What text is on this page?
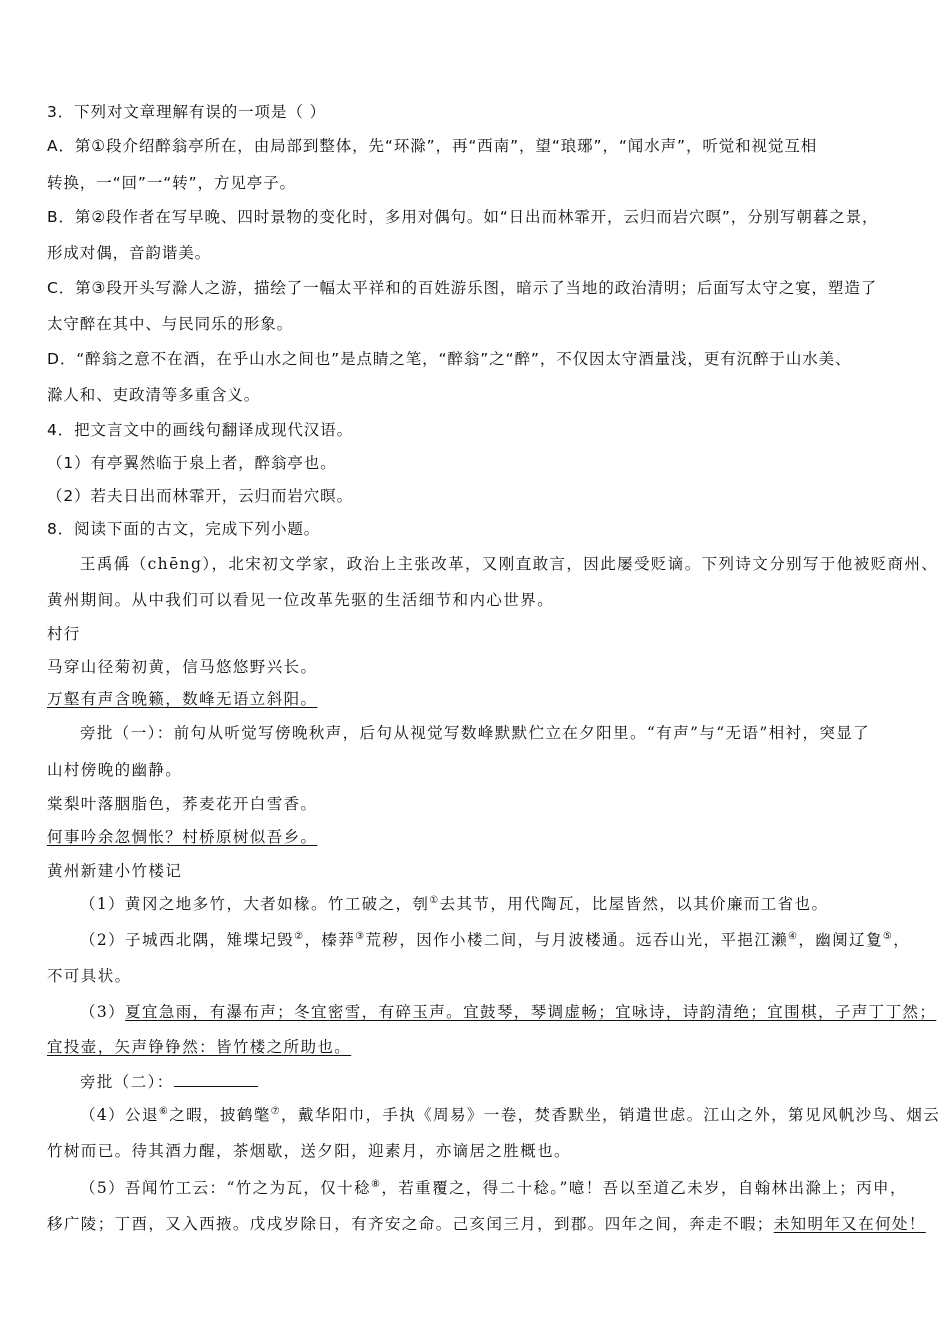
3．下列对文章理解有误的一项是（ ）
A．第①段介绍醉翁亭所在，由局部到整体，先“环滁”，再“西南”，望“琅琊”，“闻水声”，听觉和视觉互相
转换，一“回”一“转”，方见亭子。
B．第②段作者在写早晚、四时景物的变化时，多用对偶句。如“日出而林霏开，云归而岩穴暝”，分别写朝暮之景，
形成对偶，音韵谐美。
C．第③段开头写滁人之游，描绘了一幅太平祥和的百姓游乐图，暗示了当地的政治清明；后面写太守之宴，塑造了
太守醉在其中、与民同乐的形象。
D．“醉翁之意不在酒，在乎山水之间也”是点睛之笔，“醉翁”之“醉”，不仅因太守酒量浅，更有沉醉于山水美、
滁人和、吏政清等多重含义。
4．把文言文中的画线句翻译成现代汉语。
（1）有亭翼然临于泉上者，醉翁亭也。
（2）若夫日出而林霏开，云归而岩穴暝。
8．阅读下面的古文，完成下列小题。
王禹偁（chēng），北宋初文学家，政治上主张改革，又刚直敢言，因此屡受贬谪。下列诗文分别写于他被贬商州、
黄州期间。从中我们可以看见一位改革先驱的生活细节和内心世界。
村行
马穿山径菊初黄，信马悠悠野兴长。
万壑有声含晚籁，数峰无语立斜阳。
旁批（一）：前句从听觉写傍晚秋声，后句从视觉写数峰默默伫立在夕阳里。“有声”与“无语”相衬，突显了
山村傍晚的幽静。
棠梨叶落胭脂色，荞麦花开白雪香。
何事吟余忽惆怅？村桥原树似吾乡。
黄州新建小竹楼记
（1）黄冈之地多竹，大者如椽。竹工破之，刳①去其节，用代陶瓦，比屋皆然，以其价廉而工省也。
（2）子城西北隅，雉堞圮毁②，榛莽③荒秽，因作小楼二间，与月波楼通。远吞山光，平挹江濑④，幽阒辽夐⑤，
不可具状。
（3）夏宜急雨，有瀑布声；冬宜密雪，有碎玉声。宜鼓琴，琴调虚畅；宜咏诗，诗韵清绝；宜围棋，子声丁丁然；
宜投壶，矢声铮铮然：皆竹楼之所助也。
旁批（二）：
（4）公退⑥之暇，披鹤氅⑦，戴华阳巾，手执《周易》一卷，焚香默坐，销遣世虑。江山之外，第见风帆沙鸟、烟云
竹树而已。待其酒力醒，茶烟歇，送夕阳，迎素月，亦谪居之胜概也。
（5）吾闻竹工云：“竹之为瓦，仅十稔⑧，若重覆之，得二十稔。”噫！吾以至道乙未岁，自翰林出滁上；丙申，
移广陵；丁酉，又入西掖。戊戌岁除日，有齐安之命。己亥闰三月，到郡。四年之间，奔走不暇；未知明年又在何处！
